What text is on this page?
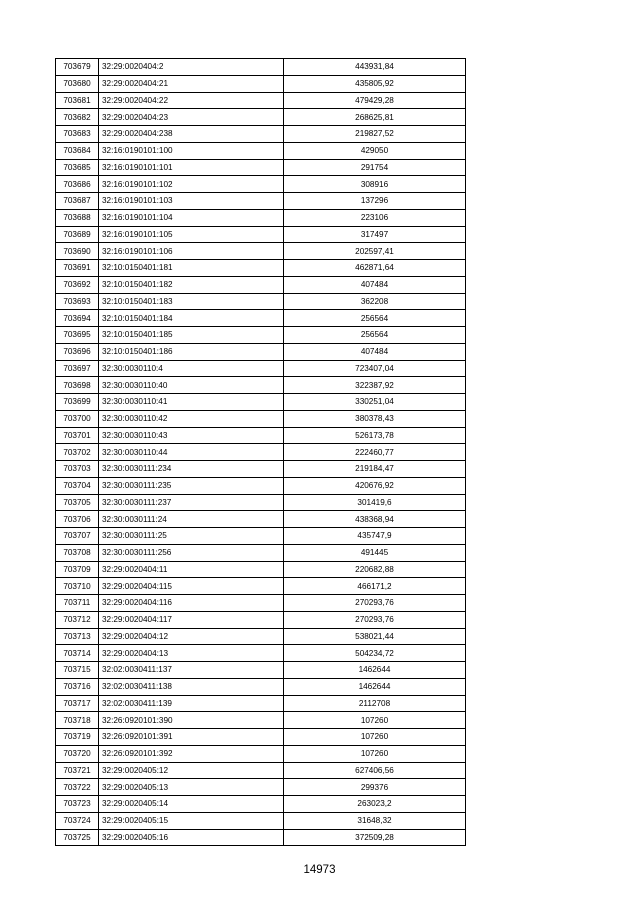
703679	32:29:0020404:2	443931,84
703680	32:29:0020404:21	435805,92
703681	32:29:0020404:22	479429,28
703682	32:29:0020404:23	268625,81
703683	32:29:0020404:238	219827,52
703684	32:16:0190101:100	429050
703685	32:16:0190101:101	291754
703686	32:16:0190101:102	308916
703687	32:16:0190101:103	137296
703688	32:16:0190101:104	223106
703689	32:16:0190101:105	317497
703690	32:16:0190101:106	202597,41
703691	32:10:0150401:181	462871,64
703692	32:10:0150401:182	407484
703693	32:10:0150401:183	362208
703694	32:10:0150401:184	256564
703695	32:10:0150401:185	256564
703696	32:10:0150401:186	407484
703697	32:30:0030110:4	723407,04
703698	32:30:0030110:40	322387,92
703699	32:30:0030110:41	330251,04
703700	32:30:0030110:42	380378,43
703701	32:30:0030110:43	526173,78
703702	32:30:0030110:44	222460,77
703703	32:30:0030111:234	219184,47
703704	32:30:0030111:235	420676,92
703705	32:30:0030111:237	301419,6
703706	32:30:0030111:24	438368,94
703707	32:30:0030111:25	435747,9
703708	32:30:0030111:256	491445
703709	32:29:0020404:11	220682,88
703710	32:29:0020404:115	466171,2
703711	32:29:0020404:116	270293,76
703712	32:29:0020404:117	270293,76
703713	32:29:0020404:12	538021,44
703714	32:29:0020404:13	504234,72
703715	32:02:0030411:137	1462644
703716	32:02:0030411:138	1462644
703717	32:02:0030411:139	2112708
703718	32:26:0920101:390	107260
703719	32:26:0920101:391	107260
703720	32:26:0920101:392	107260
703721	32:29:0020405:12	627406,56
703722	32:29:0020405:13	299376
703723	32:29:0020405:14	263023,2
703724	32:29:0020405:15	31648,32
703725	32:29:0020405:16	372509,28
14973
